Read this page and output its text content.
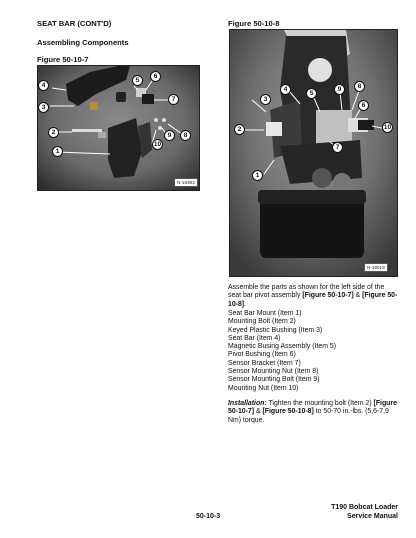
SEAT BAR (CONT'D)
Assembling Components
Figure 50-10-7
Figure 50-10-8
4
5
6
7
3
2	9	8
10
1
N-19393
4
5
9	8
3
6
2	10
7
1
N-19019
Assemble the parts as shown for the left side of the seat bar pivot assembly [Figure 50-10-7] & [Figure 50-10-8].
Seat Bar Mount (Item 1)
Mounting Bolt (Item 2)
Keyed Plastic Bushing (Item 3)
Seat Bar (Item 4)
Magnetic Busing Assembly (Item 5)
Pivot Bushing (Item 6)
Sensor Bracket (Item 7)
Sensor Mounting Nut (Item 8)
Sensor Mounting Bolt (Item 9)
Mounting Nut (Item 10)
Installation: Tighten the mounting bolt (Item 2) [Figure 50-10-7] & [Figure 50-10-8] to 50-70 in.-lbs. (5,6-7,9 Nm) torque.
50-10-3
T190 Bobcat Loader
Service Manual
